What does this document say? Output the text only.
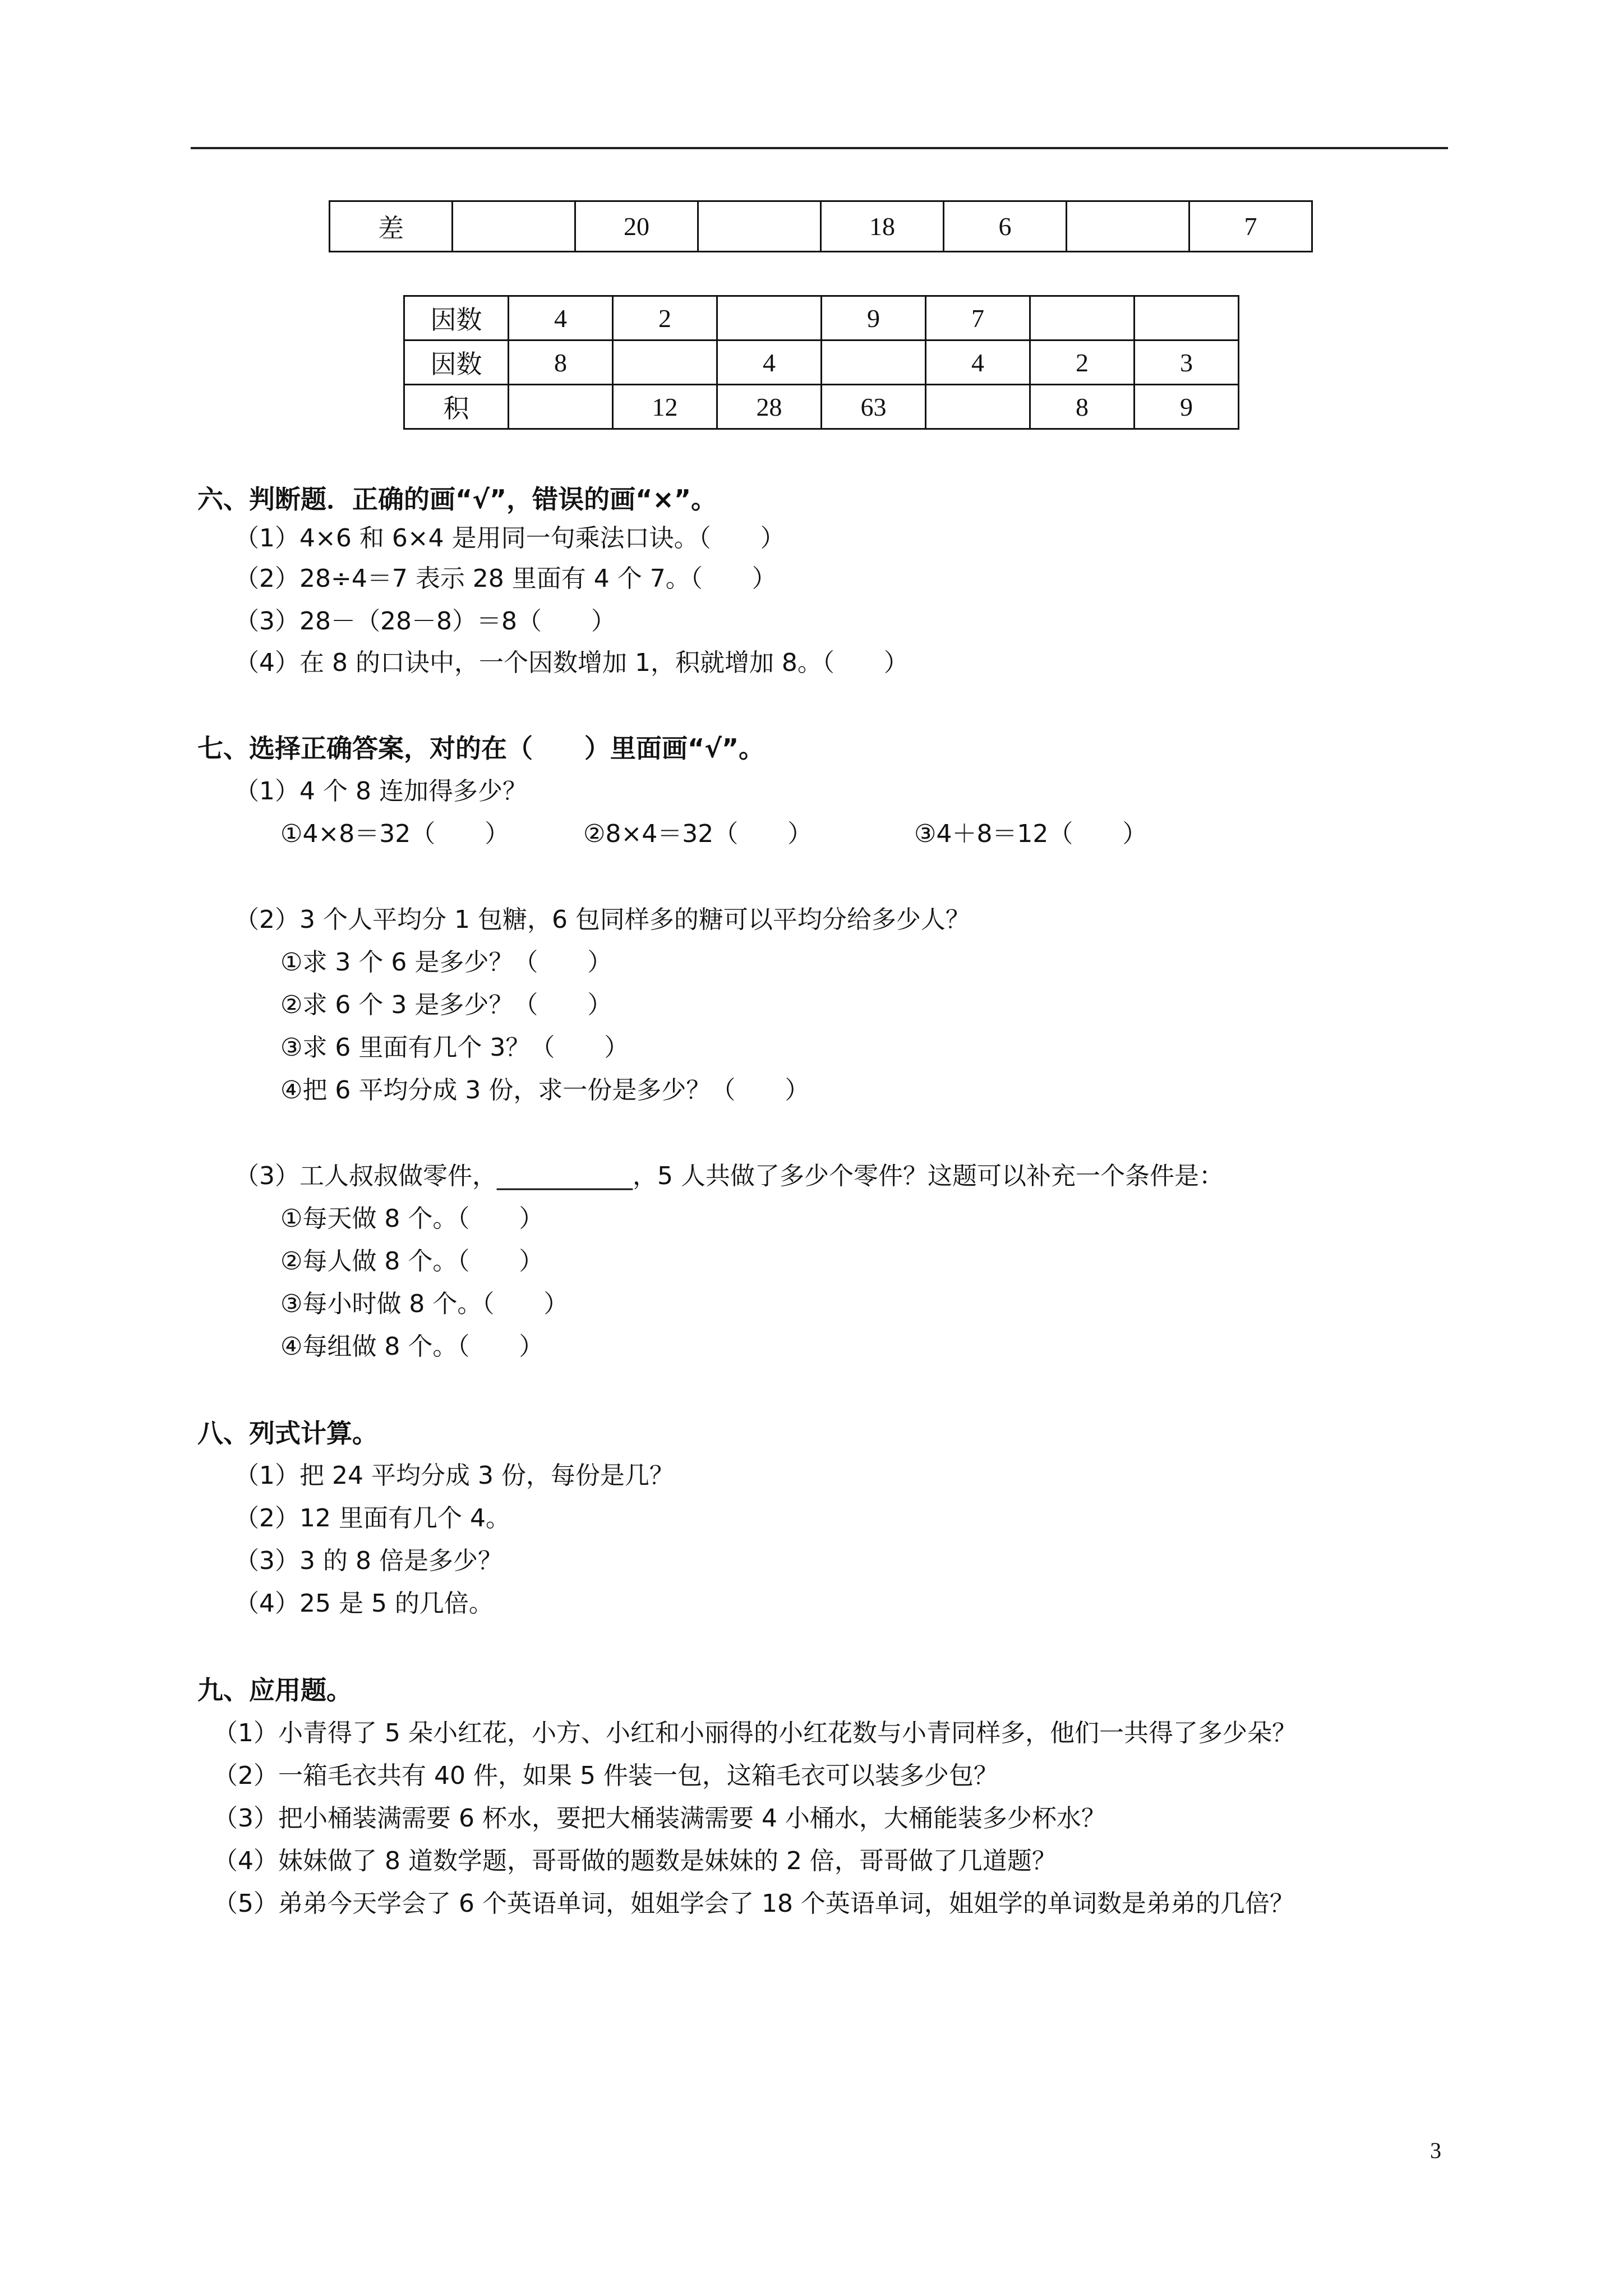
差		20		18	6		7
因数	4	2		9	7		
因数	8		4		4	2	3
积		12	28	63		8	9
六、判断题．正确的画“√”，错误的画“×”。
（1）4×6 和 6×4 是用同一句乘法口诀。（　　）
（2）28÷4＝7 表示 28 里面有 4 个 7。（　　）
（3）28－（28－8）＝8（　　）
（4）在 8 的口诀中，一个因数增加 1，积就增加 8。（　　）
七、选择正确答案，对的在（　　）里面画“√”。
（1）4 个 8 连加得多少？
①4×8＝32（　　）	②8×4＝32（　　）	③4＋8＝12（　　）
（2）3 个人平均分 1 包糖，6 包同样多的糖可以平均分给多少人？
①求 3 个 6 是多少？（　　）
②求 6 个 3 是多少？（　　）
③求 6 里面有几个 3？（　　）
④把 6 平均分成 3 份，求一份是多少？（　　）
（3）工人叔叔做零件，___________，5 人共做了多少个零件？这题可以补充一个条件是：
①每天做 8 个。（　　）
②每人做 8 个。（　　）
③每小时做 8 个。（　　）
④每组做 8 个。（　　）
八、列式计算。
（1）把 24 平均分成 3 份，每份是几？
（2）12 里面有几个 4。
（3）3 的 8 倍是多少？
（4）25 是 5 的几倍。
九、应用题。
（1）小青得了 5 朵小红花，小方、小红和小丽得的小红花数与小青同样多，他们一共得了多少朵？
（2）一箱毛衣共有 40 件，如果 5 件装一包，这箱毛衣可以装多少包？
（3）把小桶装满需要 6 杯水，要把大桶装满需要 4 小桶水，大桶能装多少杯水？
（4）妹妹做了 8 道数学题，哥哥做的题数是妹妹的 2 倍，哥哥做了几道题？
（5）弟弟今天学会了 6 个英语单词，姐姐学会了 18 个英语单词，姐姐学的单词数是弟弟的几倍？
3
